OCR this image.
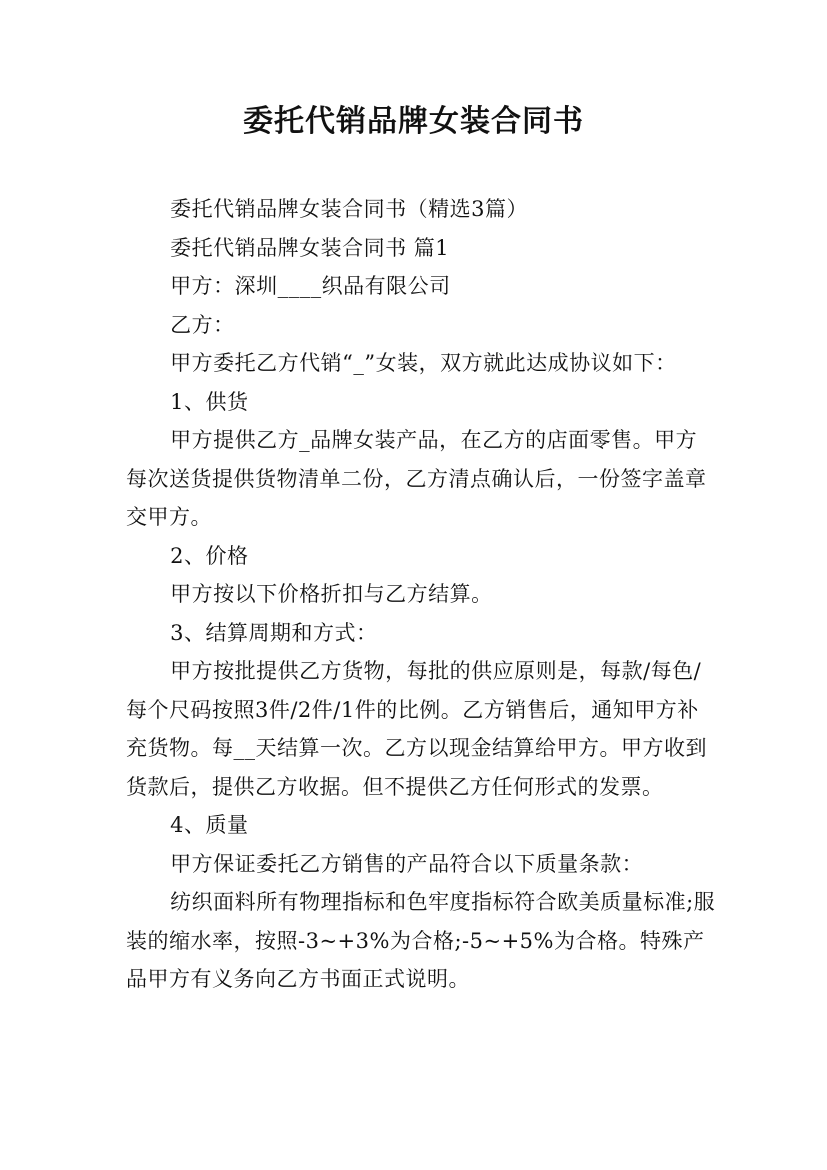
委托代销品牌女装合同书

委托代销品牌女装合同书（精选3篇）

委托代销品牌女装合同书 篇1

甲方：深圳____织品有限公司

乙方：

甲方委托乙方代销“_”女装，双方就此达成协议如下：

1、供货

甲方提供乙方_品牌女装产品，在乙方的店面零售。甲方每次送货提供货物清单二份，乙方清点确认后，一份签字盖章交甲方。

2、价格

甲方按以下价格折扣与乙方结算。

3、结算周期和方式：

甲方按批提供乙方货物，每批的供应原则是，每款/每色/每个尺码按照3件/2件/1件的比例。乙方销售后，通知甲方补充货物。每__天结算一次。乙方以现金结算给甲方。甲方收到货款后，提供乙方收据。但不提供乙方任何形式的发票。

4、质量

甲方保证委托乙方销售的产品符合以下质量条款：

纺织面料所有物理指标和色牢度指标符合欧美质量标准;服装的缩水率，按照-3~+3%为合格;-5~+5%为合格。特殊产品甲方有义务向乙方书面正式说明。
